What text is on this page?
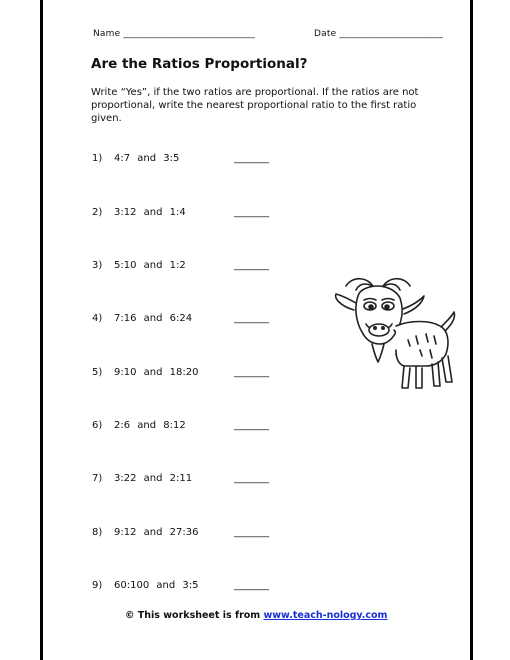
Name ____________________________	Date ______________________
Are the Ratios Proportional?
Write “Yes”, if the two ratios are proportional. If the ratios are not proportional, write the nearest proportional ratio to the first ratio given.
1) 4:7 and 3:5	_______
2) 3:12 and 1:4	_______
3) 5:10 and 1:2	_______
4) 7:16 and 6:24	_______
5) 9:10 and 18:20	_______
6) 2:6 and 8:12	_______
7) 3:22 and 2:11	_______
8) 9:12 and 27:36	_______
9) 60:100 and 3:5	_______
© This worksheet is from www.teach-nology.com
